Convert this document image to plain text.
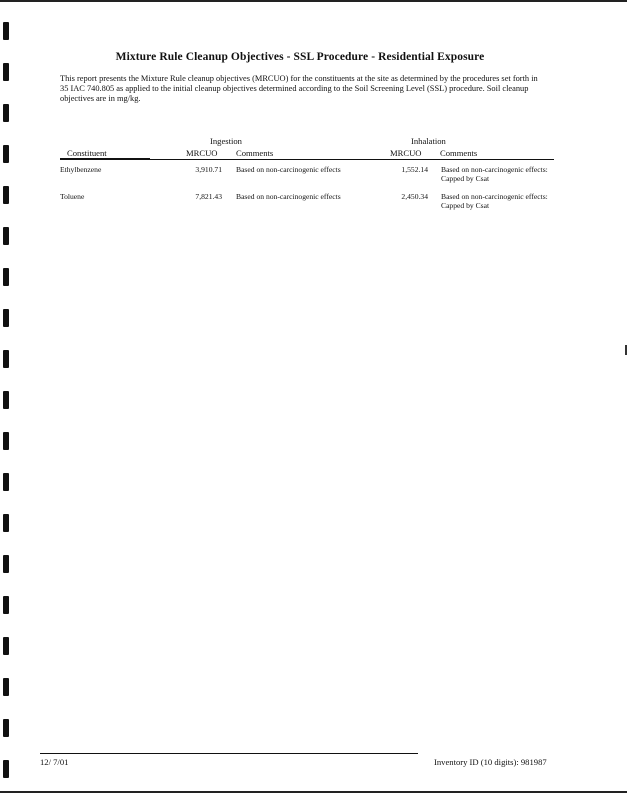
Mixture Rule Cleanup Objectives - SSL Procedure - Residential Exposure
This report presents the Mixture Rule cleanup objectives (MRCUO) for the constituents at the site as determined by the procedures set forth in 35 IAC 740.805 as applied to the initial cleanup objectives determined according to the Soil Screening Level (SSL) procedure. Soil cleanup objectives are in mg/kg.
Ingestion	Inhalation
Constituent	MRCUO Comments	MRCUO Comments
Ethylbenzene	3,910.71 Based on non-carcinogenic effects	1,552.14 Based on non-carcinogenic effects: Capped by Csat
Toluene	7,821.43 Based on non-carcinogenic effects	2,450.34 Based on non-carcinogenic effects: Capped by Csat
12/ 7/01	Inventory ID (10 digits): 981987
